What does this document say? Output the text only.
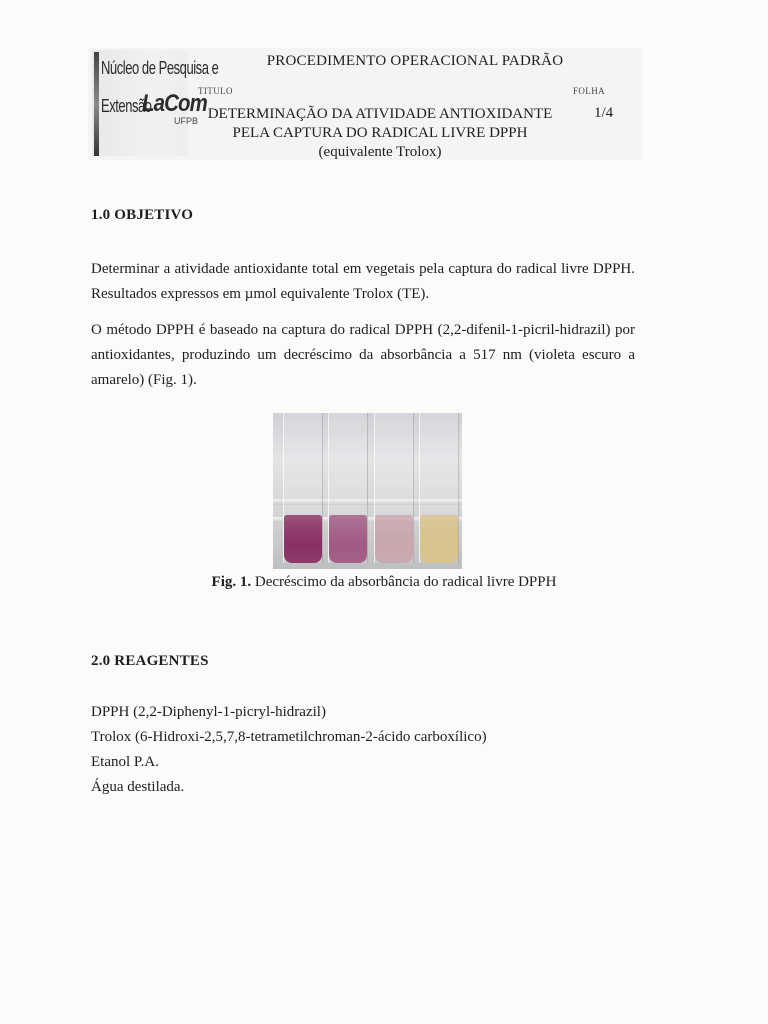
Núcleo de Pesquisa e
Extensão
LaCom
UFPB
PROCEDIMENTO OPERACIONAL PADRÃO
TITULO	FOLHA
DETERMINAÇÃO DA ATIVIDADE ANTIOXIDANTE
PELA CAPTURA DO RADICAL LIVRE DPPH
(equivalente Trolox)
1/4
1.0 OBJETIVO
Determinar a atividade antioxidante total em vegetais pela captura do radical livre DPPH. Resultados expressos em µmol equivalente Trolox (TE).
O método DPPH é baseado na captura do radical DPPH (2,2-difenil-1-picril-hidrazil) por antioxidantes, produzindo um decréscimo da absorbância a 517 nm (violeta escuro a amarelo) (Fig. 1).
Fig. 1. Decréscimo da absorbância do radical livre DPPH
2.0 REAGENTES
DPPH (2,2-Diphenyl-1-picryl-hidrazil)
Trolox (6-Hidroxi-2,5,7,8-tetrametilchroman-2-ácido carboxílico)
Etanol P.A.
Água destilada.
